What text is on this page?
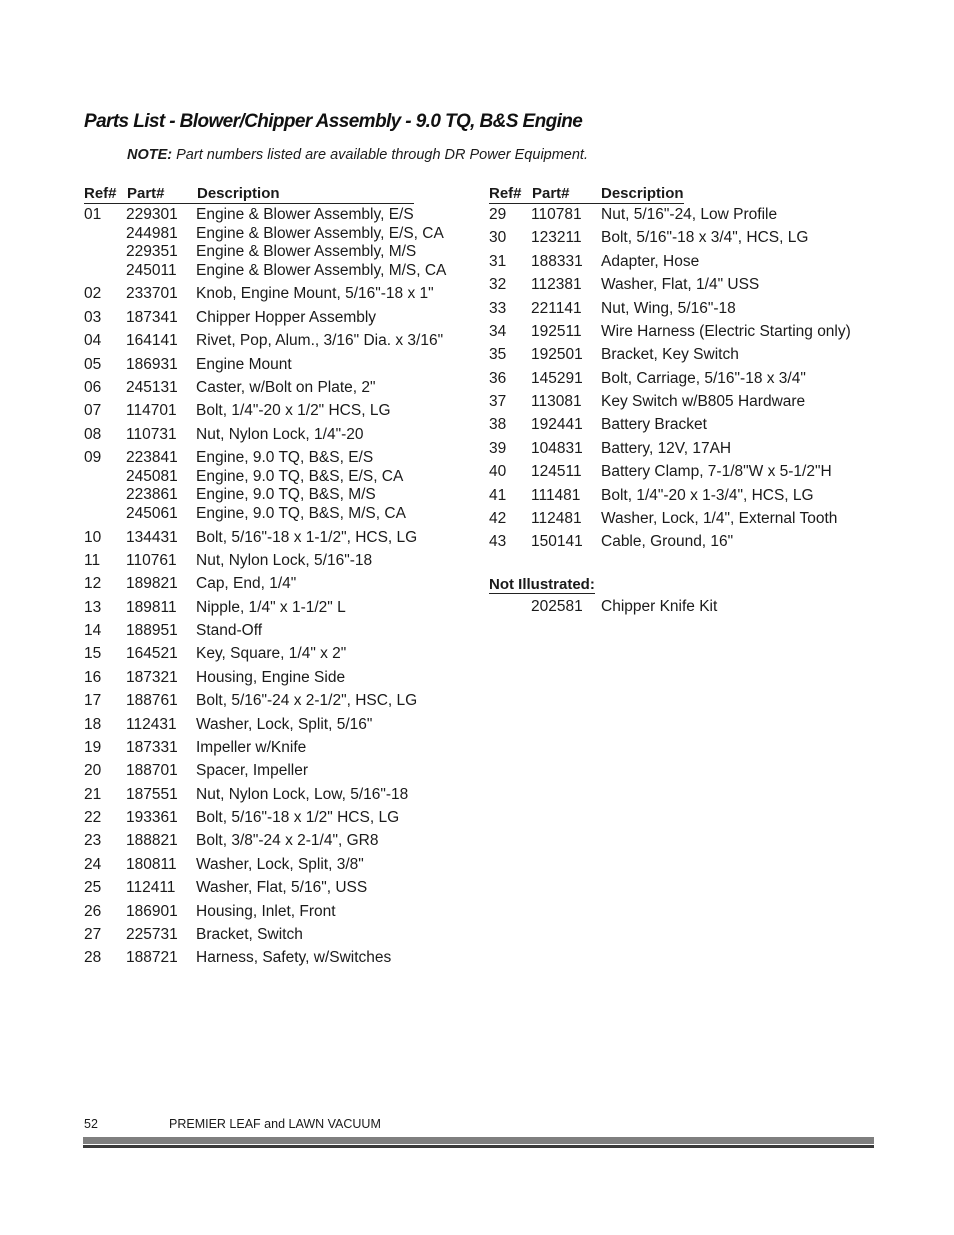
Parts List - Blower/Chipper Assembly - 9.0 TQ, B&S Engine
NOTE: Part numbers listed are available through DR Power Equipment.
Ref# Part# Description
01 229301 Engine & Blower Assembly, E/S
244981 Engine & Blower Assembly, E/S, CA
229351 Engine & Blower Assembly, M/S
245011 Engine & Blower Assembly, M/S, CA
02 233701 Knob, Engine Mount, 5/16"-18 x 1"
03 187341 Chipper Hopper Assembly
04 164141 Rivet, Pop, Alum., 3/16" Dia. x 3/16"
05 186931 Engine Mount
06 245131 Caster, w/Bolt on Plate, 2"
07 114701 Bolt, 1/4"-20 x 1/2" HCS, LG
08 110731 Nut, Nylon Lock, 1/4"-20
09 223841 Engine, 9.0 TQ, B&S, E/S
245081 Engine, 9.0 TQ, B&S, E/S, CA
223861 Engine, 9.0 TQ, B&S, M/S
245061 Engine, 9.0 TQ, B&S, M/S, CA
10 134431 Bolt, 5/16"-18 x 1-1/2", HCS, LG
11 110761 Nut, Nylon Lock, 5/16"-18
12 189821 Cap, End, 1/4"
13 189811 Nipple, 1/4" x 1-1/2" L
14 188951 Stand-Off
15 164521 Key, Square, 1/4" x 2"
16 187321 Housing, Engine Side
17 188761 Bolt, 5/16"-24 x 2-1/2", HSC, LG
18 112431 Washer, Lock, Split, 5/16"
19 187331 Impeller w/Knife
20 188701 Spacer, Impeller
21 187551 Nut, Nylon Lock, Low, 5/16"-18
22 193361 Bolt, 5/16"-18 x 1/2" HCS, LG
23 188821 Bolt, 3/8"-24 x 2-1/4", GR8
24 180811 Washer, Lock, Split, 3/8"
25 112411 Washer, Flat, 5/16", USS
26 186901 Housing, Inlet, Front
27 225731 Bracket, Switch
28 188721 Harness, Safety, w/Switches
Ref# Part# Description
29 110781 Nut, 5/16"-24, Low Profile
30 123211 Bolt, 5/16"-18 x 3/4", HCS, LG
31 188331 Adapter, Hose
32 112381 Washer, Flat, 1/4" USS
33 221141 Nut, Wing, 5/16"-18
34 192511 Wire Harness (Electric Starting only)
35 192501 Bracket, Key Switch
36 145291 Bolt, Carriage, 5/16"-18 x 3/4"
37 113081 Key Switch w/B805 Hardware
38 192441 Battery Bracket
39 104831 Battery, 12V, 17AH
40 124511 Battery Clamp, 7-1/8"W x 5-1/2"H
41 111481 Bolt, 1/4"-20 x 1-3/4", HCS, LG
42 112481 Washer, Lock, 1/4", External Tooth
43 150141 Cable, Ground, 16"
Not Illustrated:
202581 Chipper Knife Kit
52	PREMIER LEAF and LAWN VACUUM
